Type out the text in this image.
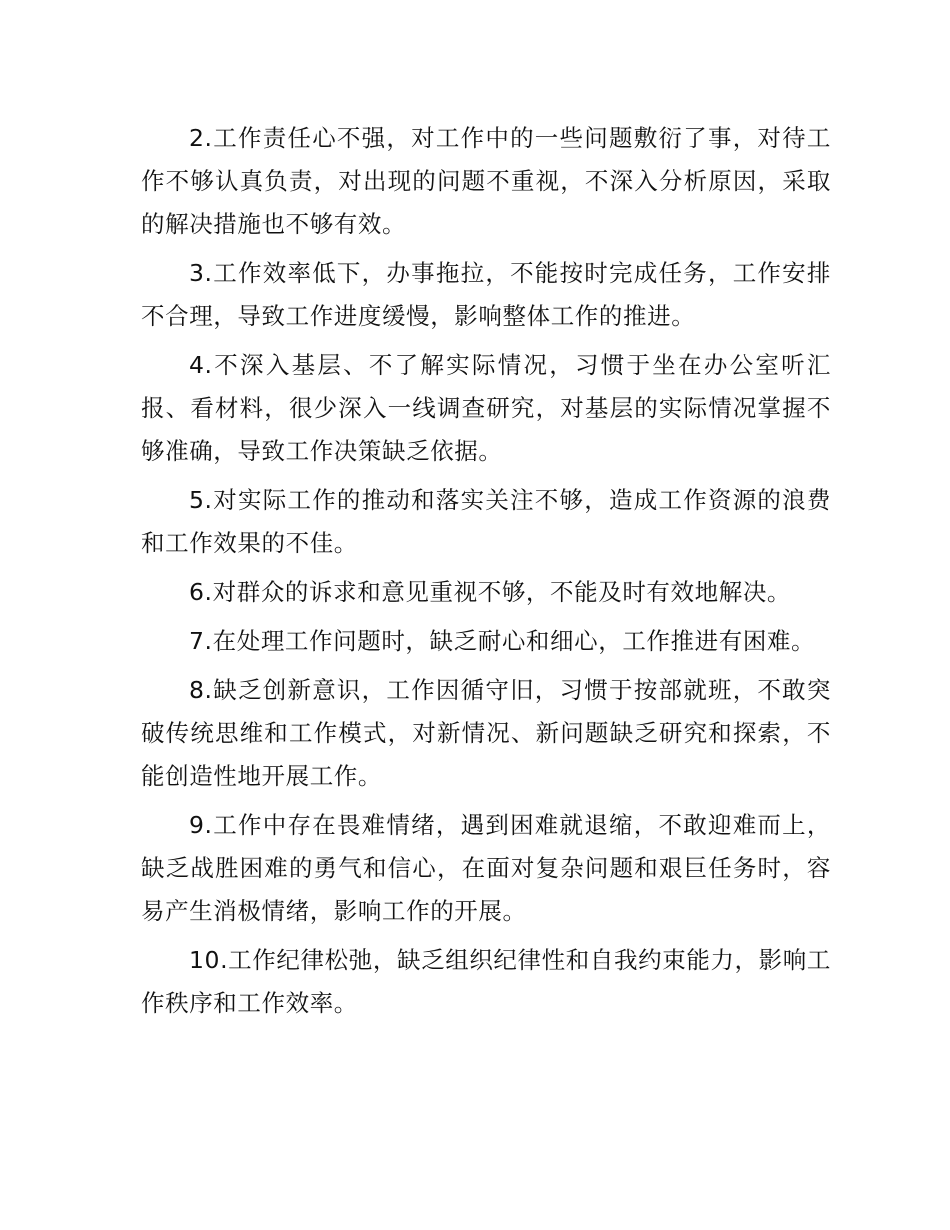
2.工作责任心不强，对工作中的一些问题敷衍了事，对待工作不够认真负责，对出现的问题不重视，不深入分析原因，采取的解决措施也不够有效。

3.工作效率低下，办事拖拉，不能按时完成任务，工作安排不合理，导致工作进度缓慢，影响整体工作的推进。

4.不深入基层、不了解实际情况，习惯于坐在办公室听汇报、看材料，很少深入一线调查研究，对基层的实际情况掌握不够准确，导致工作决策缺乏依据。

5.对实际工作的推动和落实关注不够，造成工作资源的浪费和工作效果的不佳。

6.对群众的诉求和意见重视不够，不能及时有效地解决。

7.在处理工作问题时，缺乏耐心和细心，工作推进有困难。

8.缺乏创新意识，工作因循守旧，习惯于按部就班，不敢突破传统思维和工作模式，对新情况、新问题缺乏研究和探索，不能创造性地开展工作。

9.工作中存在畏难情绪，遇到困难就退缩，不敢迎难而上，缺乏战胜困难的勇气和信心，在面对复杂问题和艰巨任务时，容易产生消极情绪，影响工作的开展。

10.工作纪律松弛，缺乏组织纪律性和自我约束能力，影响工作秩序和工作效率。
